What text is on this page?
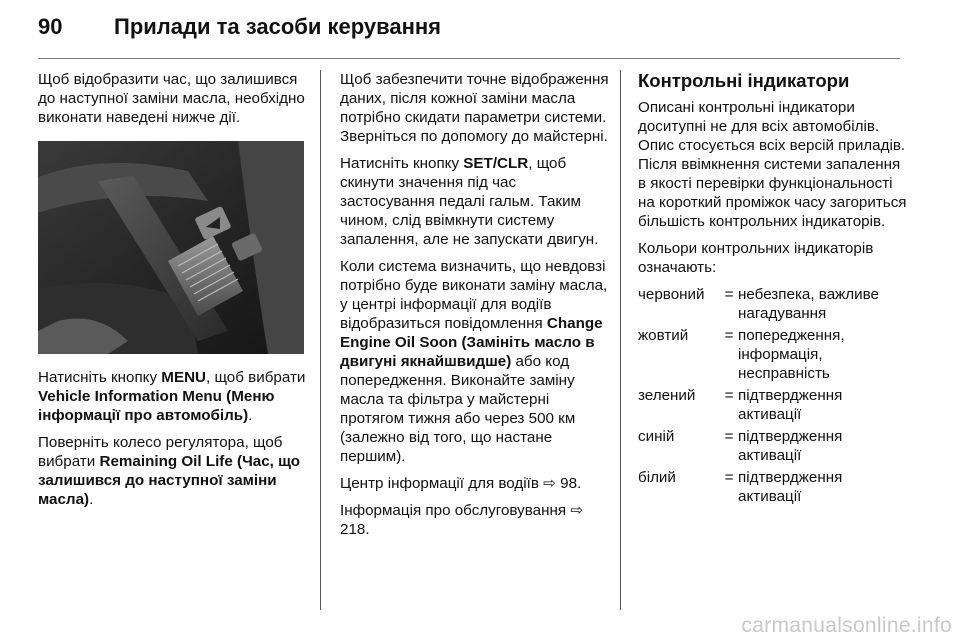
90	Прилади та засоби керування

Щоб відобразити час, що залишився до наступної заміни масла, необхідно виконати наведені нижче дії.

Натисніть кнопку MENU, щоб вибрати Vehicle Information Menu (Меню інформації про автомобіль).

Поверніть колесо регулятора, щоб вибрати Remaining Oil Life (Час, що залишився до наступної заміни масла).

Щоб забезпечити точне відображення даних, після кожної заміни масла потрібно скидати параметри системи. Зверніться по допомогу до майстерні.

Натисніть кнопку SET/CLR, щоб скинути значення під час застосування педалі гальм. Таким чином, слід ввімкнути систему запалення, але не запускати двигун.

Коли система визначить, що невдовзі потрібно буде виконати заміну масла, у центрі інформації для водіїв відобразиться повідомлення Change Engine Oil Soon (Замініть масло в двигуні якнайшвидше) або код попередження. Виконайте заміну масла та фільтра у майстерні протягом тижня або через 500 км (залежно від того, що настане першим).

Центр інформації для водіїв ⇨ 98.

Інформація про обслуговування ⇨ 218.

Контрольні індикатори

Описані контрольні індикатори доситупні не для всіх автомобілів. Опис стосується всіх версій приладів. Після ввімкнення системи запалення в якості перевірки функціональності на короткий проміжок часу загориться більшість контрольних індикаторів.

Кольори контрольних індикаторів означають:

червоний	=	небезпека, важливе нагадування
жовтий	=	попередження, інформація, несправність
зелений	=	підтвердження активації
синій	=	підтвердження активації
білий	=	підтвердження активації
carmanualsonline.info
